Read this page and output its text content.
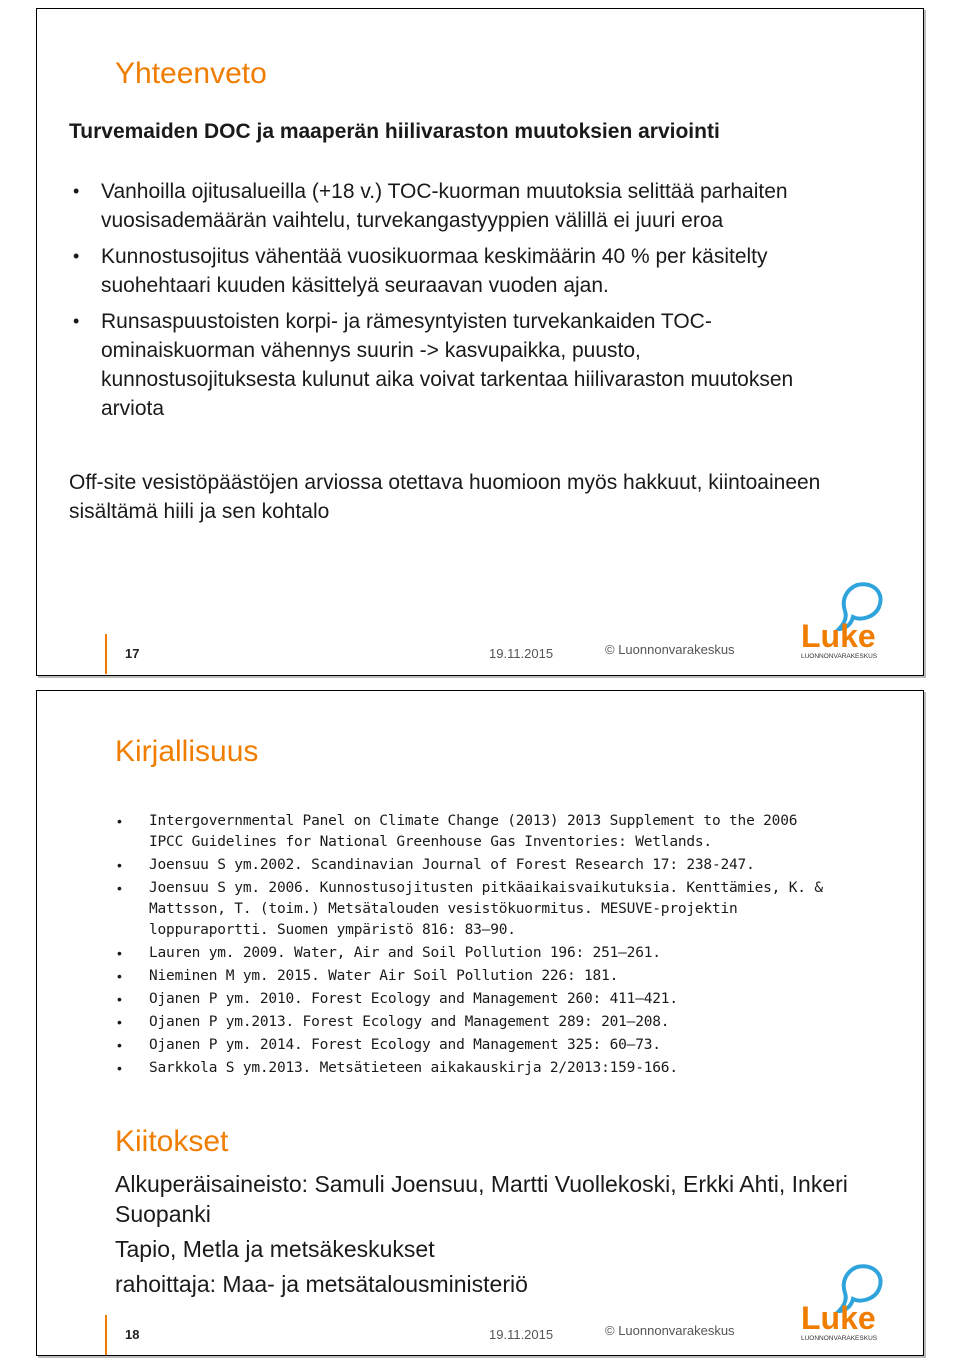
Yhteenveto
Turvemaiden DOC ja maaperän hiilivaraston muutoksien arviointi
• Vanhoilla ojitusalueilla (+18 v.) TOC-kuorman muutoksia selittää parhaiten vuosisademäärän vaihtelu, turvekangastyyppien välillä ei juuri eroa
• Kunnostusojitus vähentää vuosikuormaa keskimäärin 40 % per käsitelty suohehtaari kuuden käsittelyä seuraavan vuoden ajan.
• Runsaspuustoisten korpi- ja rämesyntyisten turvekankaiden TOC-ominaiskuorman vähennys suurin -> kasvupaikka, puusto, kunnostusojituksesta kulunut aika voivat tarkentaa hiilivaraston muutoksen arviota
Off-site vesistöpäästöjen arviossa otettava huomioon myös hakkuut, kiintoaineen sisältämä hiili ja sen kohtalo
17	19.11.2015	© Luonnonvarakeskus Luke
LUONNONVARAKESKUS
Kirjallisuus
• Intergovernmental Panel on Climate Change (2013) 2013 Supplement to the 2006 IPCC Guidelines for National Greenhouse Gas Inventories: Wetlands.
• Joensuu S ym.2002. Scandinavian Journal of Forest Research 17: 238-247.
• Joensuu S ym. 2006. Kunnostusojitusten pitkäaikaisvaikutuksia. Kenttämies, K. & Mattsson, T. (toim.) Metsätalouden vesistökuormitus. MESUVE-projektin loppuraportti. Suomen ympäristö 816: 83–90.
• Lauren ym. 2009. Water, Air and Soil Pollution 196: 251–261.
• Nieminen M ym. 2015. Water Air Soil Pollution 226: 181.
• Ojanen P ym. 2010. Forest Ecology and Management 260: 411–421.
• Ojanen P ym.2013. Forest Ecology and Management 289: 201–208.
• Ojanen P ym. 2014. Forest Ecology and Management 325: 60–73.
• Sarkkola S ym.2013. Metsätieteen aikakauskirja 2/2013:159-166.
Kiitokset
Alkuperäisaineisto: Samuli Joensuu, Martti Vuollekoski, Erkki Ahti, Inkeri Suopanki
Tapio, Metla ja metsäkeskukset
rahoittaja: Maa- ja metsätalousministeriö
18	19.11.2015	© Luonnonvarakeskus Luke
LUONNONVARAKESKUS
